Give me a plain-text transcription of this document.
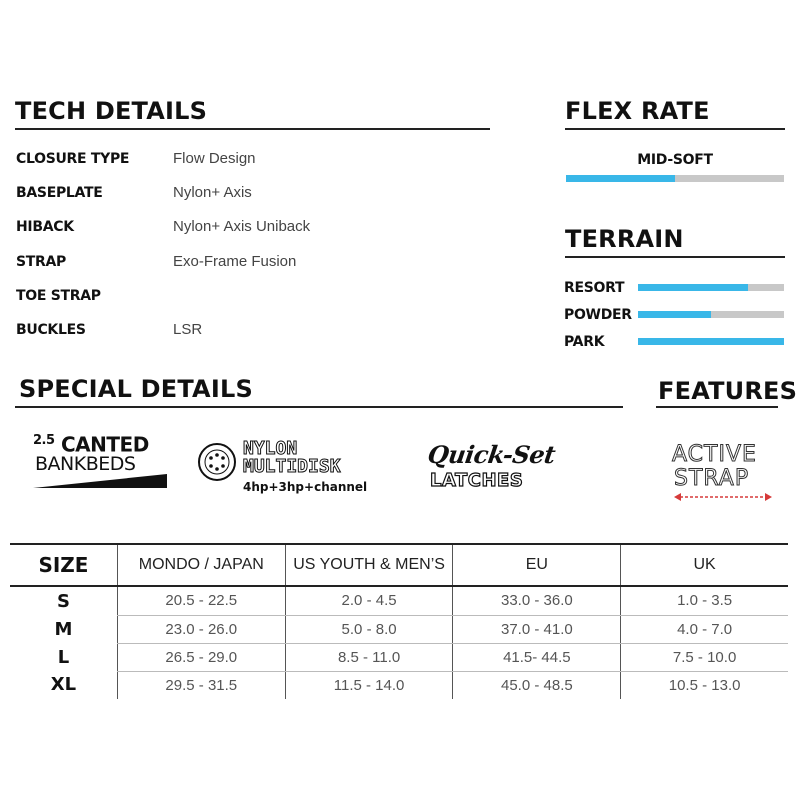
TECH DETAILS
CLOSURE TYPE	Flow Design
BASEPLATE	Nylon+ Axis
HIBACK	Nylon+ Axis Uniback
STRAP	Exo-Frame Fusion
TOE STRAP
BUCKLES	LSR
FLEX RATE
MID-SOFT
TERRAIN
RESORT
POWDER
PARK
SPECIAL DETAILS	FEATURES
$^{2.5}$ CANTED
BANKBEDS
NYLON
MULTIDISK
4hp+3hp+channel
Quick-Set
LATCHES
ACTIVE
STRAP
SIZE	MONDO / JAPAN	US YOUTH & MEN’S	EU	UK
S	20.5 - 22.5	2.0 - 4.5	33.0 - 36.0	1.0 - 3.5
M	23.0 - 26.0	5.0 - 8.0	37.0 - 41.0	4.0 - 7.0
L	26.5 - 29.0	8.5 - 11.0	41.5- 44.5	7.5 - 10.0
XL	29.5 - 31.5	11.5 - 14.0	45.0 - 48.5	10.5 - 13.0
